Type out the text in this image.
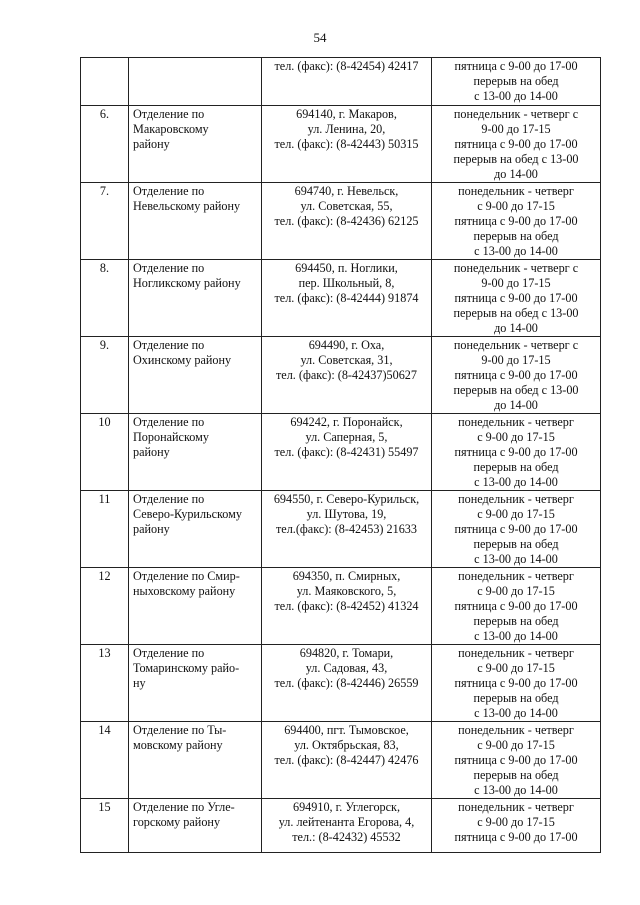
54

		тел. (факс): (8-42454) 42417	пятница с 9-00 до 17-00
перерыв на обед
с 13-00 до 14-00

6.	Отделение по
Макаровскому
району	694140, г. Макаров,
ул. Ленина, 20,
тел. (факс): (8-42443) 50315	понедельник - четверг с
9-00 до 17-15
пятница с 9-00 до 17-00
перерыв на обед с 13-00
до 14-00

7.	Отделение по
Невельскому району	694740, г. Невельск,
ул. Советская, 55,
тел. (факс): (8-42436) 62125	понедельник - четверг
с 9-00 до 17-15
пятница с 9-00 до 17-00
перерыв на обед
с 13-00 до 14-00

8.	Отделение по
Ногликскому району	694450, п. Ноглики,
пер. Школьный, 8,
тел. (факс): (8-42444) 91874	понедельник - четверг с
9-00 до 17-15
пятница с 9-00 до 17-00
перерыв на обед с 13-00
до 14-00

9.	Отделение по
Охинскому району	694490, г. Оха,
ул. Советская, 31,
тел. (факс): (8-42437)50627	понедельник - четверг с
9-00 до 17-15
пятница с 9-00 до 17-00
перерыв на обед с 13-00
до 14-00

10	Отделение по
Поронайскому
району	694242, г. Поронайск,
ул. Саперная, 5,
тел. (факс): (8-42431) 55497	понедельник - четверг
с 9-00 до 17-15
пятница с 9-00 до 17-00
перерыв на обед
с 13-00 до 14-00

11	Отделение по
Северо-Курильскому
району	694550, г. Северо-Курильск,
ул. Шутова, 19,
тел.(факс): (8-42453) 21633	понедельник - четверг
с 9-00 до 17-15
пятница с 9-00 до 17-00
перерыв на обед
с 13-00 до 14-00

12	Отделение по Смир-
ныховскому району	694350, п. Смирных,
ул. Маяковского, 5,
тел. (факс): (8-42452) 41324	понедельник - четверг
с 9-00 до 17-15
пятница с 9-00 до 17-00
перерыв на обед
с 13-00 до 14-00

13	Отделение по
Томаринскому райо-
ну	694820, г. Томари,
ул. Садовая, 43,
тел. (факс): (8-42446) 26559	понедельник - четверг
с 9-00 до 17-15
пятница с 9-00 до 17-00
перерыв на обед
с 13-00 до 14-00

14	Отделение по Ты-
мовскому району	694400, пгт. Тымовское,
ул. Октябрьская, 83,
тел. (факс): (8-42447) 42476	понедельник - четверг
с 9-00 до 17-15
пятница с 9-00 до 17-00
перерыв на обед
с 13-00 до 14-00

15	Отделение по Угле-
горскому району	694910, г. Углегорск,
ул. лейтенанта Егорова, 4,
тел.: (8-42432) 45532	понедельник - четверг
с 9-00 до 17-15
пятница с 9-00 до 17-00
